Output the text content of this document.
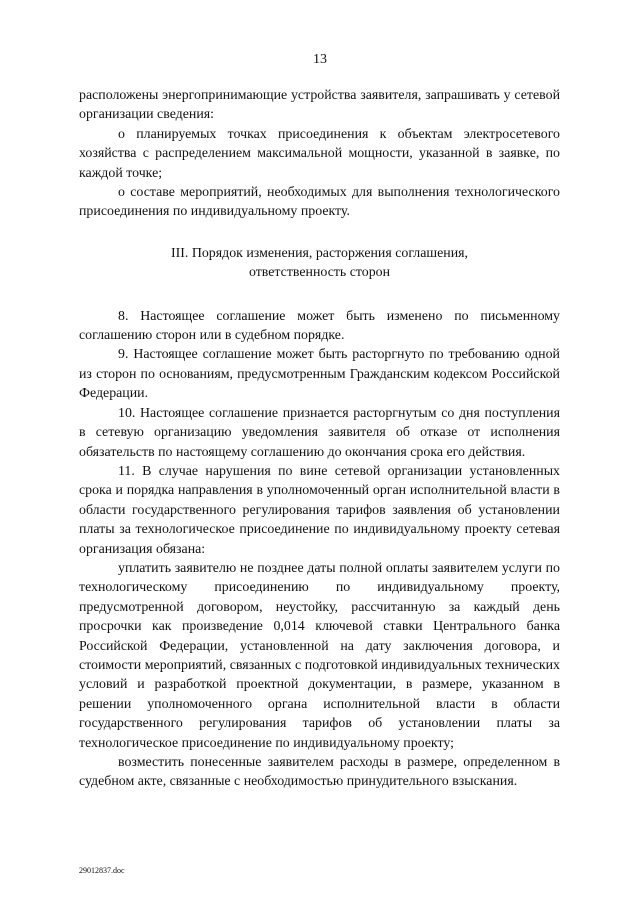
13

расположены энергопринимающие устройства заявителя, запрашивать у сетевой организации сведения:

о планируемых точках присоединения к объектам электросетевого хозяйства с распределением максимальной мощности, указанной в заявке, по каждой точке;

о составе мероприятий, необходимых для выполнения технологического присоединения по индивидуальному проекту.

III. Порядок изменения, расторжения соглашения,
ответственность сторон

8. Настоящее соглашение может быть изменено по письменному соглашению сторон или в судебном порядке.

9. Настоящее соглашение может быть расторгнуто по требованию одной из сторон по основаниям, предусмотренным Гражданским кодексом Российской Федерации.

10. Настоящее соглашение признается расторгнутым со дня поступления в сетевую организацию уведомления заявителя об отказе от исполнения обязательств по настоящему соглашению до окончания срока его действия.

11. В случае нарушения по вине сетевой организации установленных срока и порядка направления в уполномоченный орган исполнительной власти в области государственного регулирования тарифов заявления об установлении платы за технологическое присоединение по индивидуальному проекту сетевая организация обязана:

уплатить заявителю не позднее даты полной оплаты заявителем услуги по технологическому присоединению по индивидуальному проекту, предусмотренной договором, неустойку, рассчитанную за каждый день просрочки как произведение 0,014 ключевой ставки Центрального банка Российской Федерации, установленной на дату заключения договора, и стоимости мероприятий, связанных с подготовкой индивидуальных технических условий и разработкой проектной документации, в размере, указанном в решении уполномоченного органа исполнительной власти в области государственного регулирования тарифов об установлении платы за технологическое присоединение по индивидуальному проекту;

возместить понесенные заявителем расходы в размере, определенном в судебном акте, связанные с необходимостью принудительного взыскания.

29012837.doc
